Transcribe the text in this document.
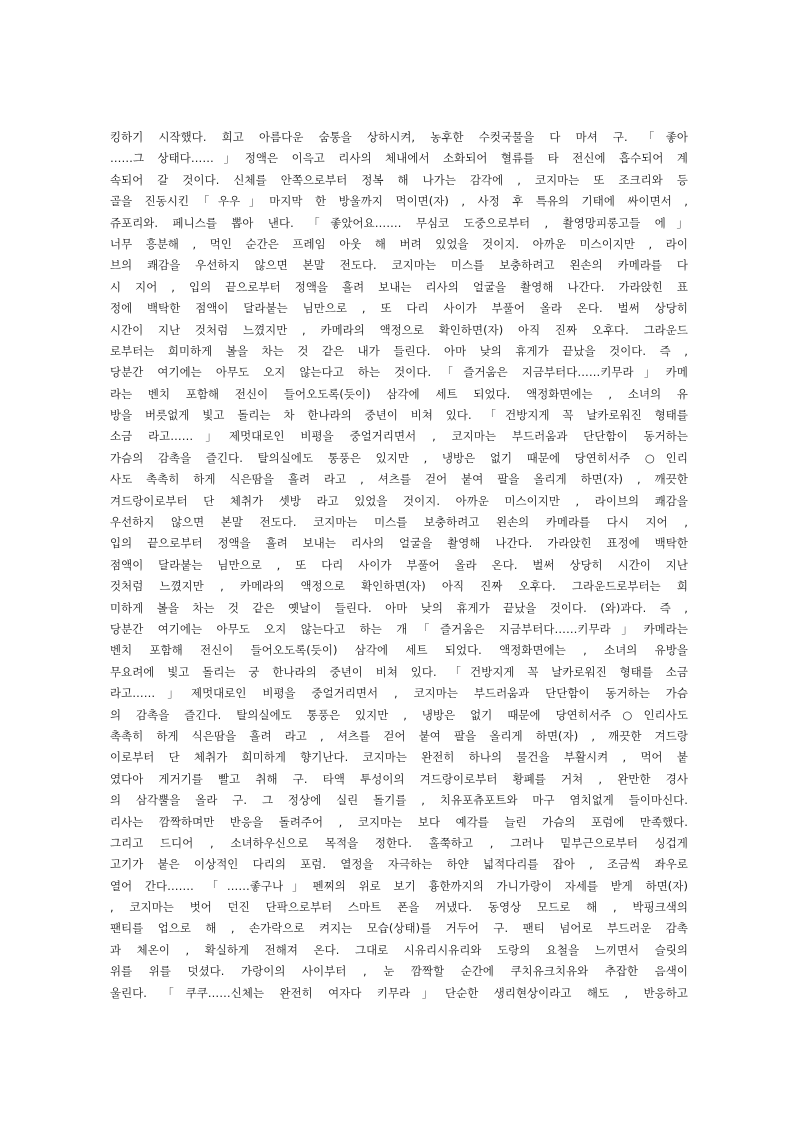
킹하기 시작했다. 희고 아름다운 숨통을 상하시켜, 농후한 수컷국물을 다 마셔 구. 「좋아
……그 상태다……」정액은 이윽고 리사의 체내에서 소화되어 혈류를 타 전신에 흡수되어 계
속되어 갈 것이다. 신체를 안쪽으로부터 정복 해 나가는 감각에 , 코지마는 또 조크리와 등
골을 진동시킨「우우」마지막 한 방울까지 먹이면(자) , 사정 후 특유의 기태에 싸이면서 ,
쥬포리와. 페니스를 뽑아 낸다. 「좋았어요……. 무심코 도중으로부터 , 촬영망피롱고들 에」
너무 흥분해 , 먹인 순간은 프레임 아웃 해 버려 있었을 것이지. 아까운 미스이지만 , 라이
브의 쾌감을 우선하지 않으면 본말 전도다. 코지마는 미스를 보충하려고 왼손의 카메라를 다
시 지어 , 입의 끝으로부터 정액을 흘려 보내는 리사의 얼굴을 촬영해 나간다. 가라앉힌 표
정에 백탁한 점액이 달라붙는 님만으로 , 또 다리 사이가 부풀어 올라 온다. 벌써 상당히
시간이 지난 것처럼 느꼈지만 , 카메라의 액정으로 확인하면(자) 아직 진짜 오후다. 그라운드
로부터는 희미하게 볼을 차는 것 같은 내가 들린다. 아마 낮의 휴게가 끝났을 것이다. 즉 ,
당분간 여기에는 아무도 오지 않는다고 하는 것이다.「즐거움은 지금부터다……키무라」카메
라는 벤치 포함해 전신이 들어오도록(듯이) 삼각에 세트 되었다. 액정화면에는 , 소녀의 유
방을 버릇없게 빛고 돌리는 차 한나라의 중년이 비쳐 있다. 「건방지게 꼭 날카로워진 형태를
소금 라고……」제멋대로인 비평을 중얼거리면서 , 코지마는 부드러움과 단단함이 동거하는
가슴의 감촉을 즐긴다. 탈의실에도 통풍은 있지만 , 냉방은 없기 때문에 당연히서주 ○인리
사도 촉촉히 하게 식은땀을 흘려 라고 , 셔츠를 걷어 붙여 팔을 올리게 하면(자) , 깨끗한
겨드랑이로부터 단 체취가 셋방 라고 있었을 것이지. 아까운 미스이지만 , 라이브의 쾌감을
우선하지 않으면 본말 전도다. 코지마는 미스를 보충하려고 왼손의 카메라를 다시 지어 ,
입의 끝으로부터 정액을 흘려 보내는 리사의 얼굴을 촬영해 나간다. 가라앉힌 표정에 백탁한
점액이 달라붙는 님만으로 , 또 다리 사이가 부풀어 올라 온다. 벌써 상당히 시간이 지난
것처럼 느꼈지만 , 카메라의 액정으로 확인하면(자) 아직 진짜 오후다. 그라운드로부터는 희
미하게 볼을 차는 것 같은 옛날이 들린다. 아마 낮의 휴게가 끝났을 것이다. (와)과다. 즉 ,
당분간 여기에는 아무도 오지 않는다고 하는 개「즐거움은 지금부터다……키무라」카메라는
벤치 포함해 전신이 들어오도록(듯이) 삼각에 세트 되었다. 액정화면에는 , 소녀의 유방을
무요려에 빛고 돌리는 궁 한나라의 중년이 비쳐 있다. 「건방지게 꼭 날카로워진 형태를 소금
라고……」제멋대로인 비평을 중얼거리면서 , 코지마는 부드러움과 단단함이 동거하는 가슴
의 감촉을 즐긴다. 탈의실에도 통풍은 있지만 , 냉방은 없기 때문에 당연히서주○인리사도
촉촉히 하게 식은땀을 흘려 라고 , 셔츠를 걷어 붙여 팔을 올리게 하면(자) , 깨끗한 겨드랑
이로부터 단 체취가 희미하게 향기난다. 코지마는 완전히 하나의 물건을 부활시켜 , 먹어 붙
였다아 게거기를 빨고 취해 구. 타액 투성이의 겨드랑이로부터 황폐를 거쳐 , 완만한 경사
의 삼각뿔을 올라 구. 그 정상에 실린 돌기를 , 치유포츄포트와 마구 염치없게 들이마신다.
리사는 깜짝하며만 반응을 돌려주어 , 코지마는 보다 예각를 늘린 가슴의 포럼에 만족했다.
그리고 드디어 , 소녀하우신으로 목적을 정한다. 홀쭉하고 , 그러나 밑부근으로부터 싱겁게
고기가 붙은 이상적인 다리의 포럼. 열정을 자극하는 하얀 넓적다리를 잡아 , 조금씩 좌우로
열어 간다……. 「……좋구나」펜찌의 위로 보기 흉한까지의 가니가랑이 자세를 받게 하면(자)
, 코지마는 벗어 던진 단팍으로부터 스마트 폰을 꺼냈다. 동영상 모드로 해 , 박핑크색의
팬티를 업으로 해 , 손가락으로 켜지는 모습(상태)를 거두어 구. 팬티 넘어로 부드러운 감촉
과 체온이 , 확실하게 전해져 온다. 그대로 시유리시유리와 도랑의 요철을 느끼면서 슬릿의
위를 위를 덧셨다. 가랑이의 사이부터 , 눈 깜짝할 순간에 쿠치유크치유와 추잡한 음색이
울린다. 「쿠쿠……신체는 완전히 여자다 키무라」단순한 생리현상이라고 해도 , 반응하고
